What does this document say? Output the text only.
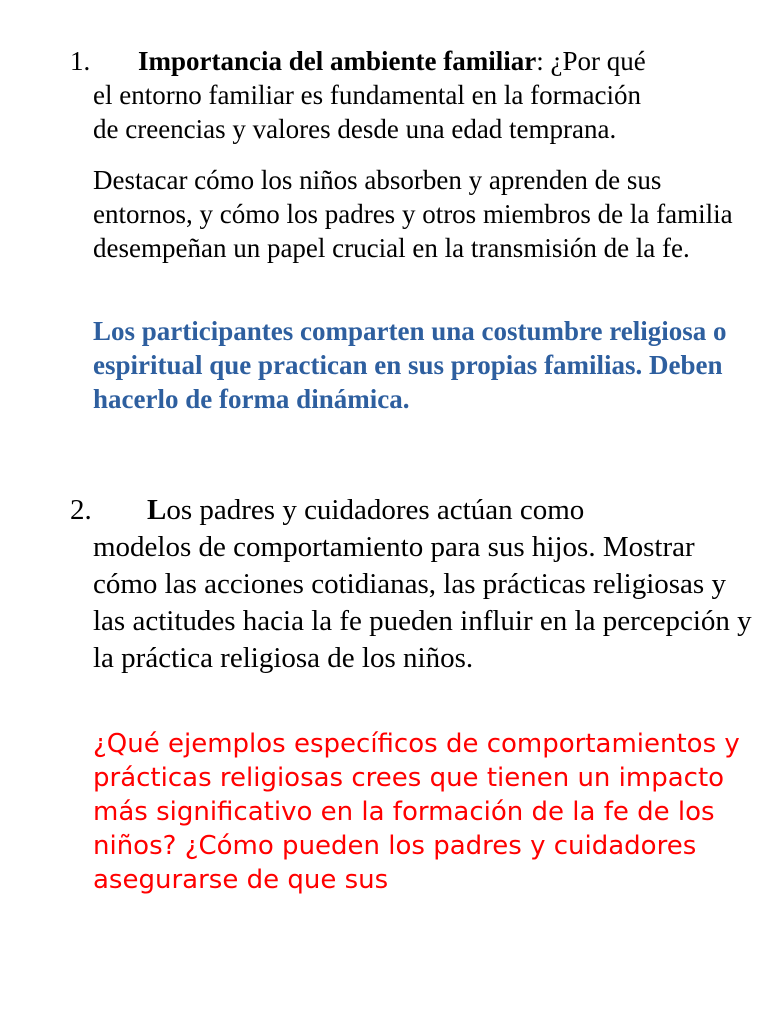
1. Importancia del ambiente familiar: ¿Por qué
el entorno familiar es fundamental en la formación
de creencias y valores desde una edad temprana.
Destacar cómo los niños absorben y aprenden de sus entornos, y cómo los padres y otros miembros de la familia desempeñan un papel crucial en la transmisión de la fe.
Los participantes comparten una costumbre religiosa o espiritual que practican en sus propias familias. Deben hacerlo de forma dinámica.
2. Los padres y cuidadores actúan como
modelos de comportamiento para sus hijos. Mostrar cómo las acciones cotidianas, las prácticas religiosas y las actitudes hacia la fe pueden influir en la percepción y la práctica religiosa de los niños.
¿Qué ejemplos específicos de comportamientos y prácticas religiosas crees que tienen un impacto más significativo en la formación de la fe de los niños? ¿Cómo pueden los padres y cuidadores asegurarse de que sus
